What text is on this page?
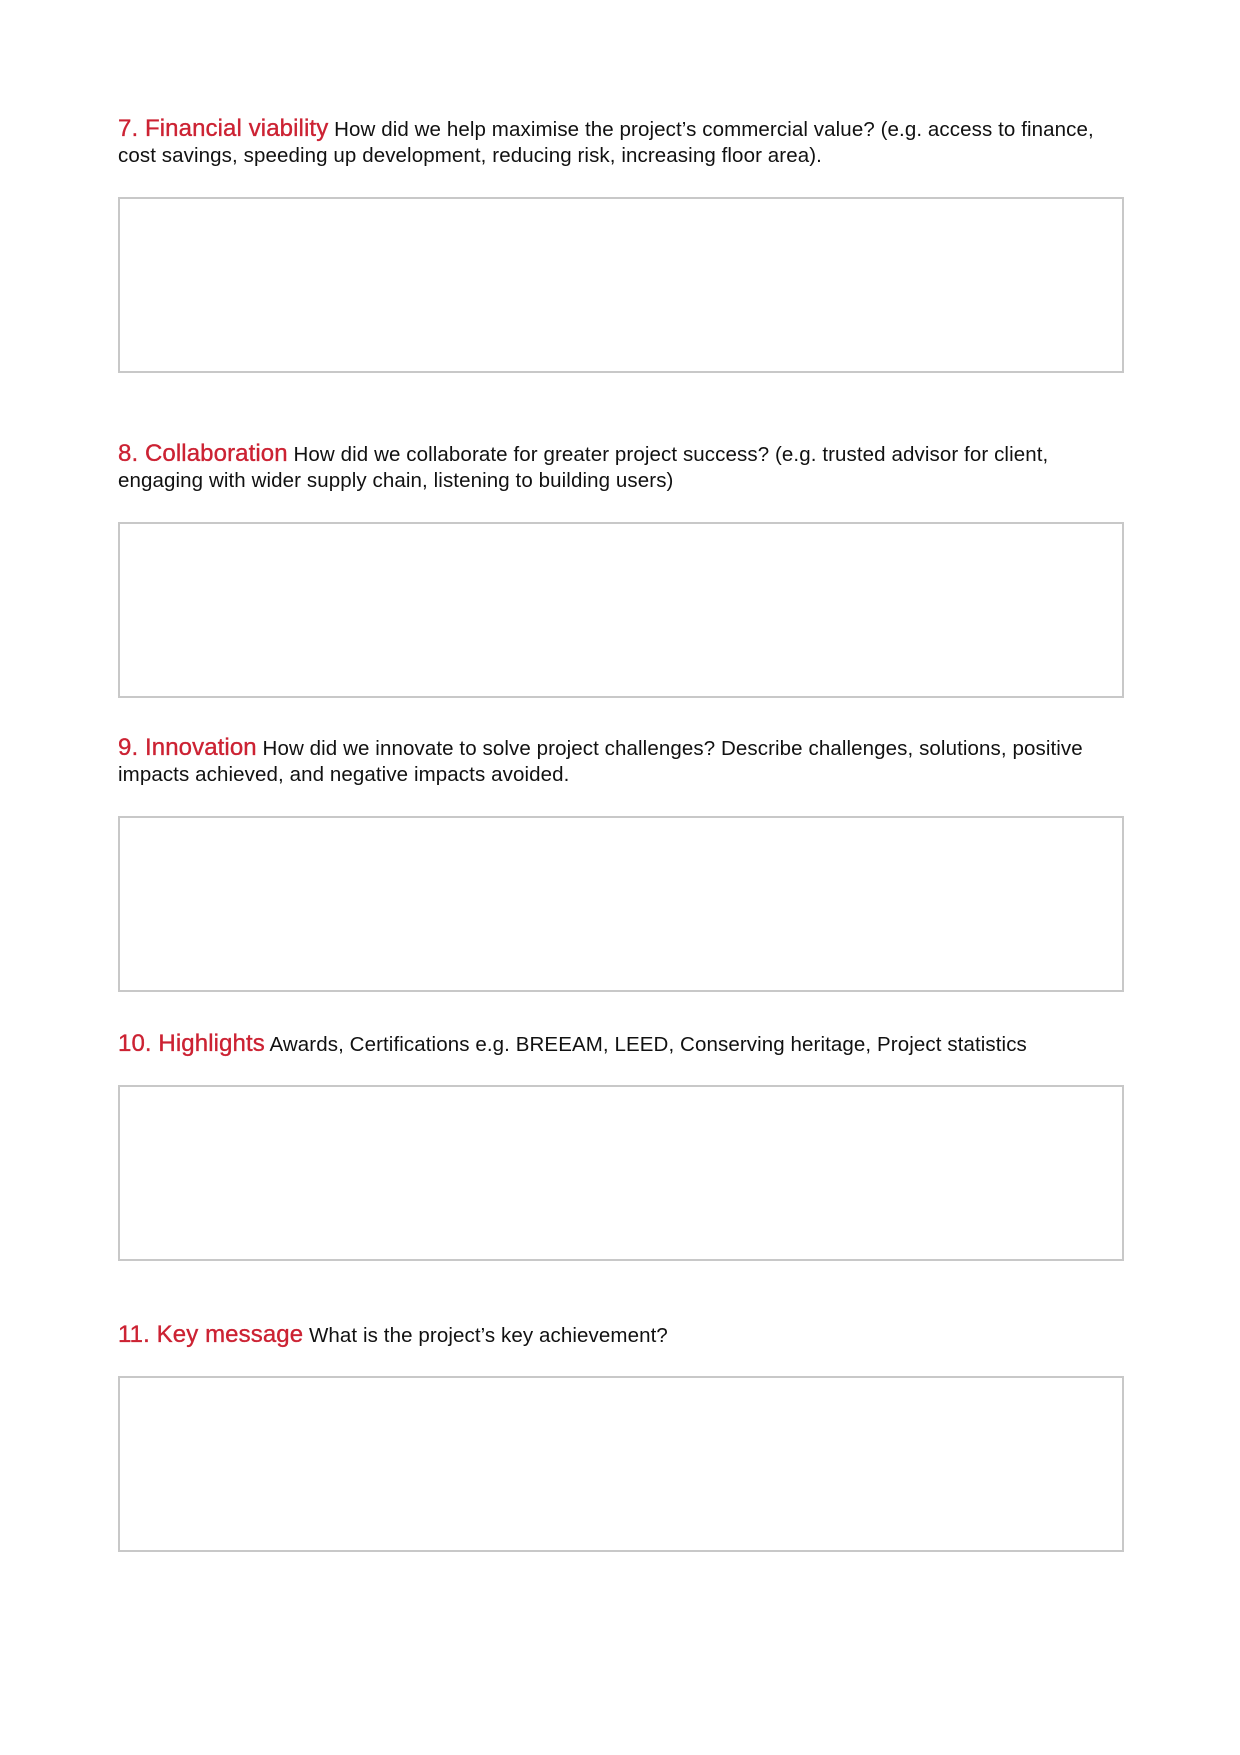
7. Financial viability How did we help maximise the project’s commercial value? (e.g. access to finance, cost savings, speeding up development, reducing risk, increasing floor area).

8. Collaboration How did we collaborate for greater project success? (e.g. trusted advisor for client, engaging with wider supply chain, listening to building users)

9. Innovation How did we innovate to solve project challenges? Describe challenges, solutions, positive impacts achieved, and negative impacts avoided.

10. Highlights Awards, Certifications e.g. BREEAM, LEED, Conserving heritage, Project statistics

11. Key message What is the project’s key achievement?
